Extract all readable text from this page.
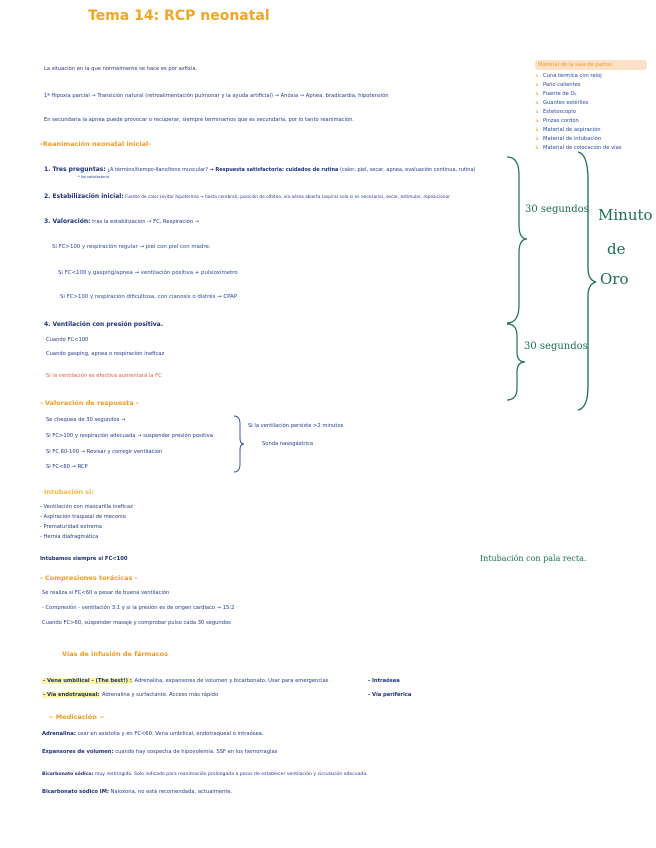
Tema 14: RCP neonatal
La situación en la que normalmente se hace es por asfixia.
1ª Hipoxia parcial → Transición natural (retroalimentación pulmonar y la ayuda artificial) → Anóxia → Apnea, bradicardia, hipotensión
En secundaria la apnea puede provocar o recuperar, siempre terminamos que es secundaria, por lo tanto reanimación.
Material de la sala de partos
↳ Cuna térmica con reloj
↳ Paño calientes
↳ Fuente de O₂
↳ Guantes estériles
↳ Estetoscopio
↳ Pinzas cordón
↳ Material de aspiración
↳ Material de intubación
↳ Material de colocación de vías
-Reanimación neonatal inicial-
1. Tres preguntas: ¿A término/tiempo-llano/tono muscular? → Respuesta satisfactoria: cuidados de rutina (calor, piel, secar, apnea, evaluación continua, rutina)
* No satisfactoria
2. Estabilización inicial: Fuente de calor (evitar hipotermia → hasta cerebral), posición de olfateo, vía aérea abierta (aspirar solo si es necesario), secar, estimular, reposicionar
3. Valoración: tras la estabilización → FC, Respiración →
Si FC>100 y respiración regular → piel con piel con madre.
Si FC<100 y gasping/apnea → ventilación positiva + pulsioxímetro
Si FC>100 y respiración dificultosa, con cianosis o distrés → CPAP
4. Ventilación con presión positiva.
Cuando FC<100
Cuando gasping, apnea o respiración ineficaz
Si la ventilación es efectiva aumentará la FC
30 segundos
30 segundos
Minuto
de
Oro
- Valoración de respuesta -
Se chequea de 30 segundos →
Si FC>100 y respiración adecuada → suspender presión positiva
Si FC 60-100 → Revisar y corregir ventilación
Si FC<60 → RCP
Si la ventilación persiste >2 minutos
Sonda nasogástrica
Intubación si:
- Ventilación con mascarilla ineficaz
- Aspiración traqueal de meconio
- Prematuridad extrema
- Hernia diafragmática
Intubamos siempre si FC<100	Intubación con pala recta.
- Compresiones torácicas -
Se realiza si FC<60 a pesar de buena ventilación
- Compresión - ventilación 3:1 y si la presión es de origen cardíaco → 15:2
Cuando FC>60, suspender masaje y comprobar pulso cada 30 segundos
Vías de infusión de fármacos
- Vena umbilical - (The best!) : Adrenalina, expansores de volumen y bicarbonato. Usar para emergencias
- Vía endotraqueal: Adrenalina y surfactante. Acceso más rápido
- Intraósea
- Vía periférica
~ Medicación ~
Adrenalina: usar en asistolia y en FC<60. Vena umbilical, endotraqueal o intraósea.
Expansores de volumen: cuando hay sospecha de hipovolemia. SSF en los hemorragias
Bicarbonato sódico: muy restringido. Solo indicado para reanimación prolongada a pesar de establecer ventilación y circulación adecuada.
Bicarbonato sódico IM: Naloxona, no está recomendada, actualmente.
